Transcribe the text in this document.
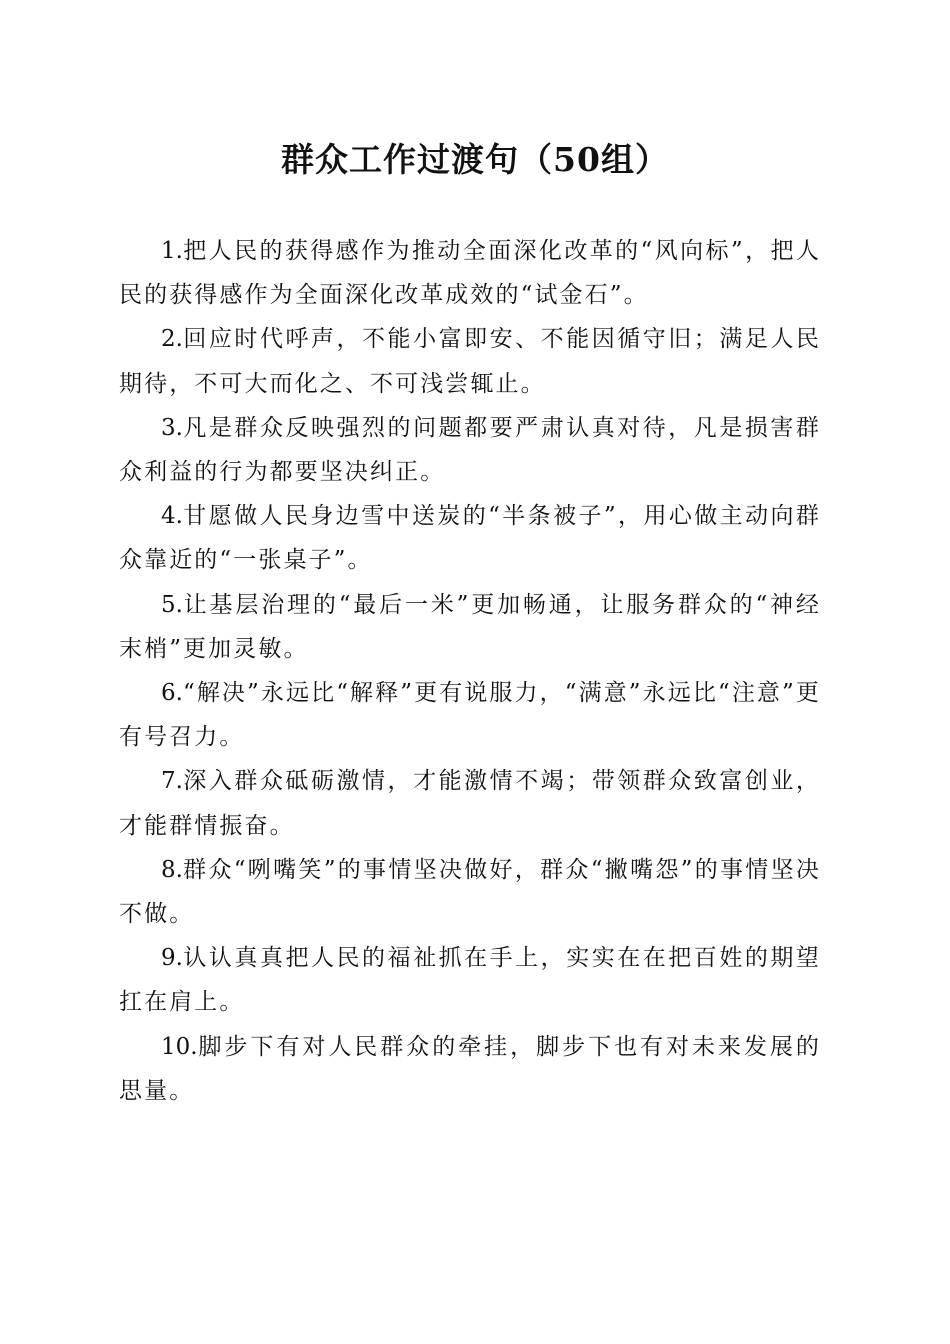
群众工作过渡句（50组）

1.把人民的获得感作为推动全面深化改革的“风向标”，把人民的获得感作为全面深化改革成效的“试金石”。

2.回应时代呼声，不能小富即安、不能因循守旧；满足人民期待，不可大而化之、不可浅尝辄止。

3.凡是群众反映强烈的问题都要严肃认真对待，凡是损害群众利益的行为都要坚决纠正。

4.甘愿做人民身边雪中送炭的“半条被子”，用心做主动向群众靠近的“一张桌子”。

5.让基层治理的“最后一米”更加畅通，让服务群众的“神经末梢”更加灵敏。

6.“解决”永远比“解释”更有说服力，“满意”永远比“注意”更有号召力。

7.深入群众砥砺激情，才能激情不竭；带领群众致富创业，才能群情振奋。

8.群众“咧嘴笑”的事情坚决做好，群众“撇嘴怨”的事情坚决不做。

9.认认真真把人民的福祉抓在手上，实实在在把百姓的期望扛在肩上。

10.脚步下有对人民群众的牵挂，脚步下也有对未来发展的思量。
